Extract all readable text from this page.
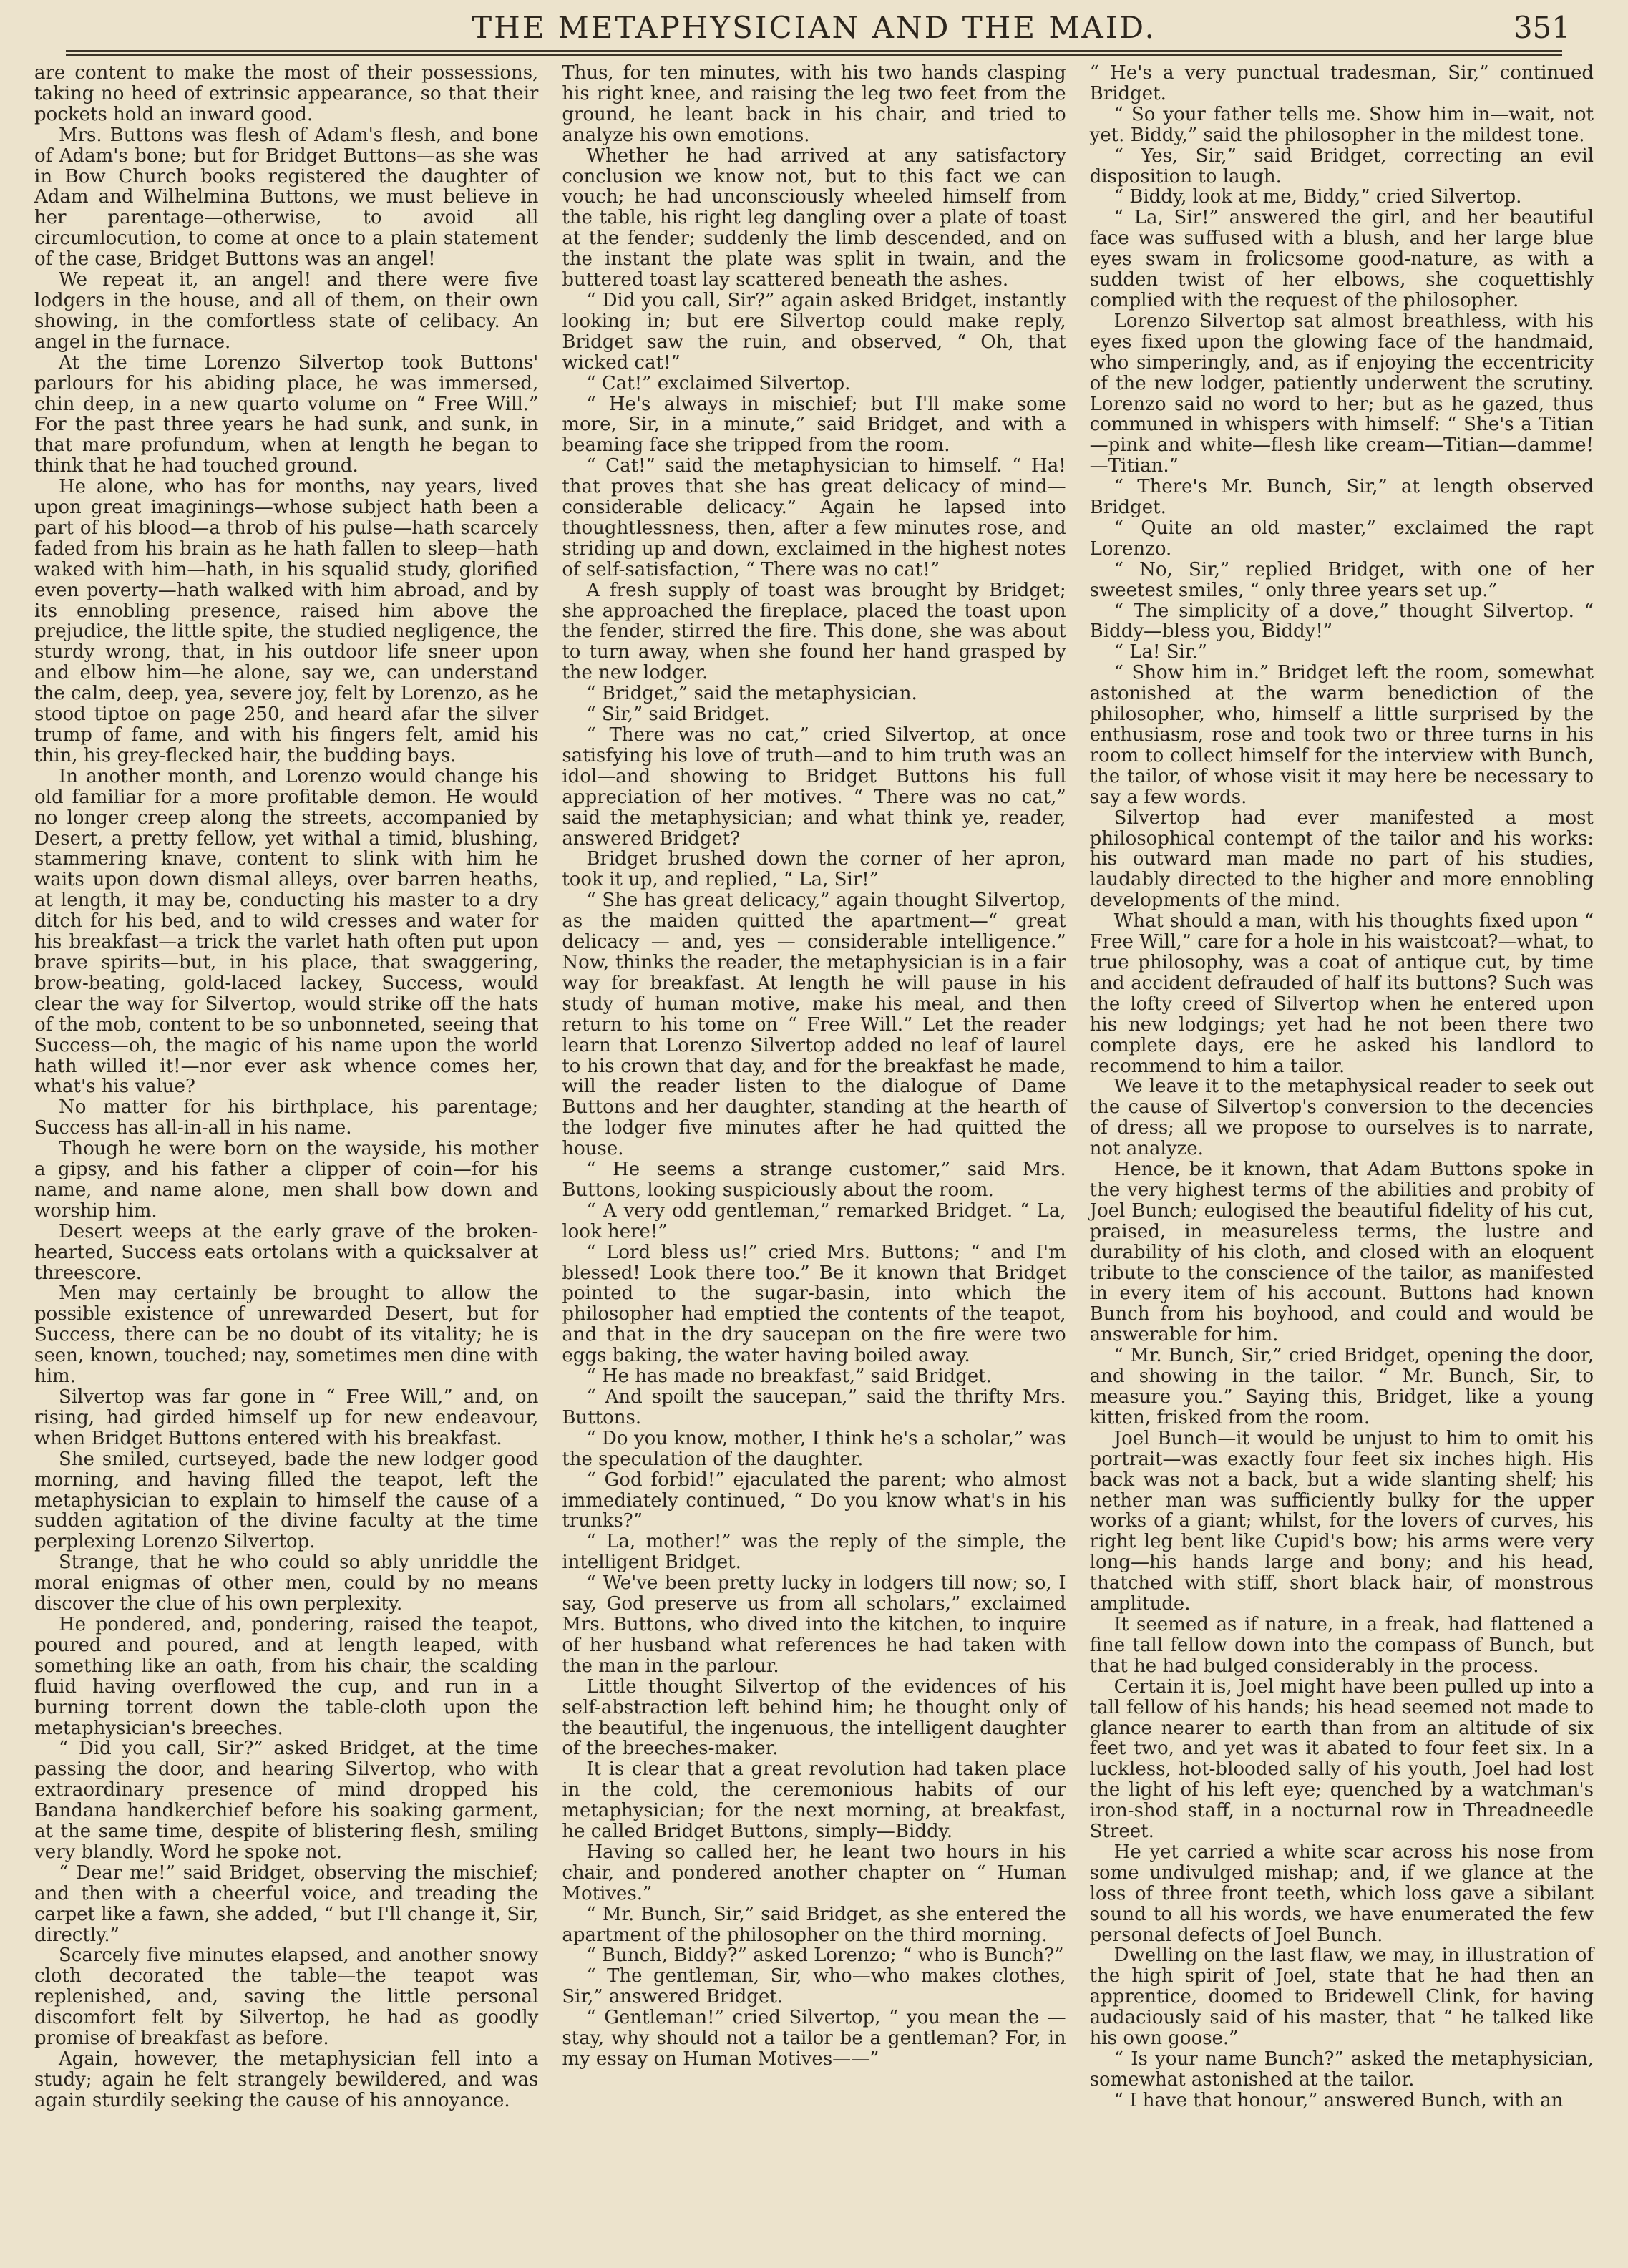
THE METAPHYSICIAN AND THE MAID.	351

are content to make the most of their possessions, taking no heed of extrinsic appearance, so that their pockets hold an inward good.

Mrs. Buttons was flesh of Adam's flesh, and bone of Adam's bone; but for Bridget Buttons—as she was in Bow Church books registered the daughter of Adam and Wilhelmina Buttons, we must believe in her parentage—otherwise, to avoid all circumlocution, to come at once to a plain statement of the case, Bridget Buttons was an angel!

We repeat it, an angel! and there were five lodgers in the house, and all of them, on their own showing, in the comfortless state of celibacy. An angel in the furnace.

At the time Lorenzo Silvertop took Buttons' parlours for his abiding place, he was immersed, chin deep, in a new quarto volume on “ Free Will.” For the past three years he had sunk, and sunk, in that mare profundum, when at length he began to think that he had touched ground.

He alone, who has for months, nay years, lived upon great imaginings—whose subject hath been a part of his blood—a throb of his pulse—hath scarcely faded from his brain as he hath fallen to sleep—hath waked with him—hath, in his squalid study, glorified even poverty—hath walked with him abroad, and by its ennobling presence, raised him above the prejudice, the little spite, the studied negligence, the sturdy wrong, that, in his outdoor life sneer upon and elbow him—he alone, say we, can understand the calm, deep, yea, severe joy, felt by Lorenzo, as he stood tiptoe on page 250, and heard afar the silver trump of fame, and with his fingers felt, amid his thin, his grey-flecked hair, the budding bays.

In another month, and Lorenzo would change his old familiar for a more profitable demon. He would no longer creep along the streets, accompanied by Desert, a pretty fellow, yet withal a timid, blushing, stammering knave, content to slink with him he waits upon down dismal alleys, over barren heaths, at length, it may be, conducting his master to a dry ditch for his bed, and to wild cresses and water for his breakfast—a trick the varlet hath often put upon brave spirits—but, in his place, that swaggering, brow-beating, gold-laced lackey, Success, would clear the way for Silvertop, would strike off the hats of the mob, content to be so unbonneted, seeing that Success—oh, the magic of his name upon the world hath willed it!—nor ever ask whence comes her, what's his value?

No matter for his birthplace, his parentage; Success has all-in-all in his name.

Though he were born on the wayside, his mother a gipsy, and his father a clipper of coin—for his name, and name alone, men shall bow down and worship him.

Desert weeps at the early grave of the broken-hearted, Success eats ortolans with a quicksalver at threescore.

Men may certainly be brought to allow the possible existence of unrewarded Desert, but for Success, there can be no doubt of its vitality; he is seen, known, touched; nay, sometimes men dine with him.

Silvertop was far gone in “ Free Will,” and, on rising, had girded himself up for new endeavour, when Bridget Buttons entered with his breakfast.

She smiled, curtseyed, bade the new lodger good morning, and having filled the teapot, left the metaphysician to explain to himself the cause of a sudden agitation of the divine faculty at the time perplexing Lorenzo Silvertop.

Strange, that he who could so ably unriddle the moral enigmas of other men, could by no means discover the clue of his own perplexity.

He pondered, and, pondering, raised the teapot, poured and poured, and at length leaped, with something like an oath, from his chair, the scalding fluid having overflowed the cup, and run in a burning torrent down the table-cloth upon the metaphysician's breeches.

“ Did you call, Sir?” asked Bridget, at the time passing the door, and hearing Silvertop, who with extraordinary presence of mind dropped his Bandana handkerchief before his soaking garment, at the same time, despite of blistering flesh, smiling very blandly. Word he spoke not.

“ Dear me!” said Bridget, observing the mischief; and then with a cheerful voice, and treading the carpet like a fawn, she added, “ but I'll change it, Sir, directly.”

Scarcely five minutes elapsed, and another snowy cloth decorated the table—the teapot was replenished, and, saving the little personal discomfort felt by Silvertop, he had as goodly promise of breakfast as before.

Again, however, the metaphysician fell into a study; again he felt strangely bewildered, and was again sturdily seeking the cause of his annoyance.

Thus, for ten minutes, with his two hands clasping his right knee, and raising the leg two feet from the ground, he leant back in his chair, and tried to analyze his own emotions.

Whether he had arrived at any satisfactory conclusion we know not, but to this fact we can vouch; he had unconsciously wheeled himself from the table, his right leg dangling over a plate of toast at the fender; suddenly the limb descended, and on the instant the plate was split in twain, and the buttered toast lay scattered beneath the ashes.

“ Did you call, Sir?” again asked Bridget, instantly looking in; but ere Silvertop could make reply, Bridget saw the ruin, and observed, “ Oh, that wicked cat!”

“ Cat!” exclaimed Silvertop.

“ He's always in mischief; but I'll make some more, Sir, in a minute,” said Bridget, and with a beaming face she tripped from the room.

“ Cat!” said the metaphysician to himself. “ Ha! that proves that she has great delicacy of mind—considerable delicacy.” Again he lapsed into thoughtlessness, then, after a few minutes rose, and striding up and down, exclaimed in the highest notes of self-satisfaction, “ There was no cat!”

A fresh supply of toast was brought by Bridget; she approached the fireplace, placed the toast upon the fender, stirred the fire. This done, she was about to turn away, when she found her hand grasped by the new lodger.

“ Bridget,” said the metaphysician.

“ Sir,” said Bridget.

“ There was no cat,” cried Silvertop, at once satisfying his love of truth—and to him truth was an idol—and showing to Bridget Buttons his full appreciation of her motives. “ There was no cat,” said the metaphysician; and what think ye, reader, answered Bridget?

Bridget brushed down the corner of her apron, took it up, and replied, “ La, Sir!”

“ She has great delicacy,” again thought Silvertop, as the maiden quitted the apartment—“ great delicacy — and, yes — considerable intelligence.” Now, thinks the reader, the metaphysician is in a fair way for breakfast. At length he will pause in his study of human motive, make his meal, and then return to his tome on “ Free Will.” Let the reader learn that Lorenzo Silvertop added no leaf of laurel to his crown that day, and for the breakfast he made, will the reader listen to the dialogue of Dame Buttons and her daughter, standing at the hearth of the lodger five minutes after he had quitted the house.

“ He seems a strange customer,” said Mrs. Buttons, looking suspiciously about the room.

“ A very odd gentleman,” remarked Bridget. “ La, look here!”

“ Lord bless us!” cried Mrs. Buttons; “ and I'm blessed! Look there too.” Be it known that Bridget pointed to the sugar-basin, into which the philosopher had emptied the contents of the teapot, and that in the dry saucepan on the fire were two eggs baking, the water having boiled away.

“ He has made no breakfast,” said Bridget.

“ And spoilt the saucepan,” said the thrifty Mrs. Buttons.

“ Do you know, mother, I think he's a scholar,” was the speculation of the daughter.

“ God forbid!” ejaculated the parent; who almost immediately continued, “ Do you know what's in his trunks?”

“ La, mother!” was the reply of the simple, the intelligent Bridget.

“ We've been pretty lucky in lodgers till now; so, I say, God preserve us from all scholars,” exclaimed Mrs. Buttons, who dived into the kitchen, to inquire of her husband what references he had taken with the man in the parlour.

Little thought Silvertop of the evidences of his self-abstraction left behind him; he thought only of the beautiful, the ingenuous, the intelligent daughter of the breeches-maker.

It is clear that a great revolution had taken place in the cold, the ceremonious habits of our metaphysician; for the next morning, at breakfast, he called Bridget Buttons, simply—Biddy.

Having so called her, he leant two hours in his chair, and pondered another chapter on “ Human Motives.”

“ Mr. Bunch, Sir,” said Bridget, as she entered the apartment of the philosopher on the third morning.

“ Bunch, Biddy?” asked Lorenzo; “ who is Bunch?”

“ The gentleman, Sir, who—who makes clothes, Sir,” answered Bridget.

“ Gentleman!” cried Silvertop, “ you mean the —stay, why should not a tailor be a gentleman? For, in my essay on Human Motives——”

“ He's a very punctual tradesman, Sir,” continued Bridget.

“ So your father tells me. Show him in—wait, not yet. Biddy,” said the philosopher in the mildest tone.

“ Yes, Sir,” said Bridget, correcting an evil disposition to laugh.

“ Biddy, look at me, Biddy,” cried Silvertop.

“ La, Sir!” answered the girl, and her beautiful face was suffused with a blush, and her large blue eyes swam in frolicsome good-nature, as with a sudden twist of her elbows, she coquettishly complied with the request of the philosopher.

Lorenzo Silvertop sat almost breathless, with his eyes fixed upon the glowing face of the handmaid, who simperingly, and, as if enjoying the eccentricity of the new lodger, patiently underwent the scrutiny. Lorenzo said no word to her; but as he gazed, thus communed in whispers with himself: “ She's a Titian—pink and white—flesh like cream—Titian—damme!—Titian.”

“ There's Mr. Bunch, Sir,” at length observed Bridget.

“ Quite an old master,” exclaimed the rapt Lorenzo.

“ No, Sir,” replied Bridget, with one of her sweetest smiles, “ only three years set up.”

“ The simplicity of a dove,” thought Silvertop. “ Biddy—bless you, Biddy!”

“ La! Sir.”

“ Show him in.” Bridget left the room, somewhat astonished at the warm benediction of the philosopher, who, himself a little surprised by the enthusiasm, rose and took two or three turns in his room to collect himself for the interview with Bunch, the tailor, of whose visit it may here be necessary to say a few words.

Silvertop had ever manifested a most philosophical contempt of the tailor and his works: his outward man made no part of his studies, laudably directed to the higher and more ennobling developments of the mind.

What should a man, with his thoughts fixed upon “ Free Will,” care for a hole in his waistcoat?—what, to true philosophy, was a coat of antique cut, by time and accident defrauded of half its buttons? Such was the lofty creed of Silvertop when he entered upon his new lodgings; yet had he not been there two complete days, ere he asked his landlord to recommend to him a tailor.

We leave it to the metaphysical reader to seek out the cause of Silvertop's conversion to the decencies of dress; all we propose to ourselves is to narrate, not analyze.

Hence, be it known, that Adam Buttons spoke in the very highest terms of the abilities and probity of Joel Bunch; eulogised the beautiful fidelity of his cut, praised, in measureless terms, the lustre and durability of his cloth, and closed with an eloquent tribute to the conscience of the tailor, as manifested in every item of his account. Buttons had known Bunch from his boyhood, and could and would be answerable for him.

“ Mr. Bunch, Sir,” cried Bridget, opening the door, and showing in the tailor. “ Mr. Bunch, Sir, to measure you.” Saying this, Bridget, like a young kitten, frisked from the room.

Joel Bunch—it would be unjust to him to omit his portrait—was exactly four feet six inches high. His back was not a back, but a wide slanting shelf; his nether man was sufficiently bulky for the upper works of a giant; whilst, for the lovers of curves, his right leg bent like Cupid's bow; his arms were very long—his hands large and bony; and his head, thatched with stiff, short black hair, of monstrous amplitude.

It seemed as if nature, in a freak, had flattened a fine tall fellow down into the compass of Bunch, but that he had bulged considerably in the process.

Certain it is, Joel might have been pulled up into a tall fellow of his hands; his head seemed not made to glance nearer to earth than from an altitude of six feet two, and yet was it abated to four feet six. In a luckless, hot-blooded sally of his youth, Joel had lost the light of his left eye; quenched by a watchman's iron-shod staff, in a nocturnal row in Threadneedle Street.

He yet carried a white scar across his nose from some undivulged mishap; and, if we glance at the loss of three front teeth, which loss gave a sibilant sound to all his words, we have enumerated the few personal defects of Joel Bunch.

Dwelling on the last flaw, we may, in illustration of the high spirit of Joel, state that he had then an apprentice, doomed to Bridewell Clink, for having audaciously said of his master, that “ he talked like his own goose.”

“ Is your name Bunch?” asked the metaphysician, somewhat astonished at the tailor.

“ I have that honour,” answered Bunch, with an
